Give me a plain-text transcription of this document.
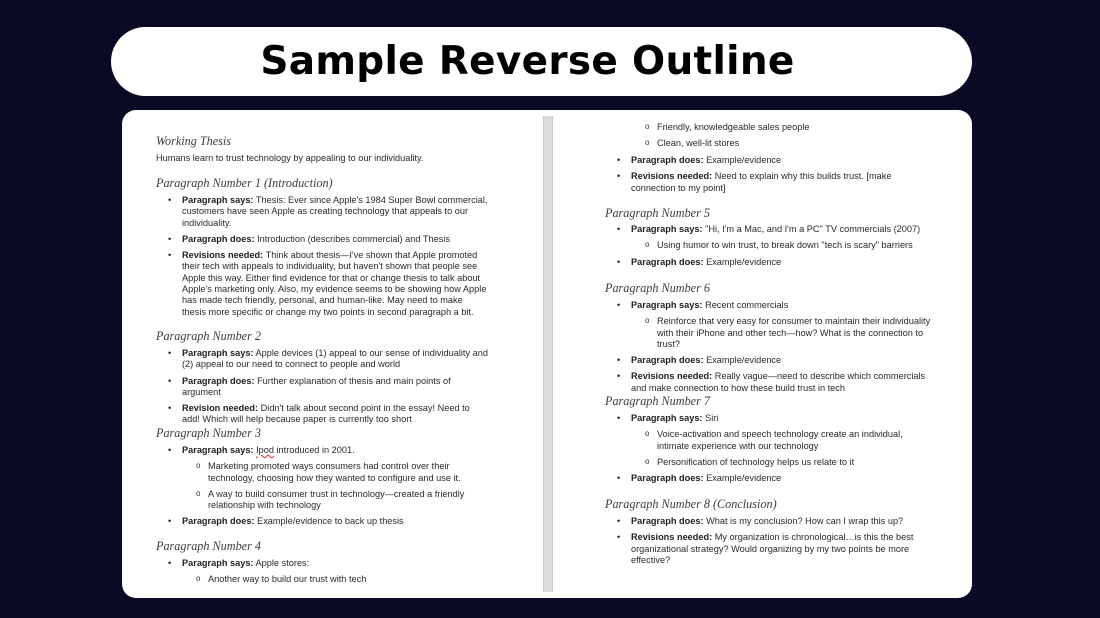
Sample Reverse Outline

Working Thesis

Humans learn to trust technology by appealing to our individuality.

Paragraph Number 1 (Introduction)

• Paragraph says: Thesis: Ever since Apple's 1984 Super Bowl commercial, customers have seen Apple as creating technology that appeals to our individuality.
• Paragraph does: Introduction (describes commercial) and Thesis
• Revisions needed: Think about thesis—I've shown that Apple promoted their tech with appeals to individuality, but haven't shown that people see Apple this way. Either find evidence for that or change thesis to talk about Apple's marketing only. Also, my evidence seems to be showing how Apple has made tech friendly, personal, and human-like. May need to make thesis more specific or change my two points in second paragraph a bit.

Paragraph Number 2

• Paragraph says: Apple devices (1) appeal to our sense of individuality and (2) appeal to our need to connect to people and world
• Paragraph does: Further explanation of thesis and main points of argument
• Revision needed: Didn't talk about second point in the essay! Need to add! Which will help because paper is currently too short

Paragraph Number 3

• Paragraph says: Ipod introduced in 2001.
o Marketing promoted ways consumers had control over their technology, choosing how they wanted to configure and use it.
o A way to build consumer trust in technology—created a friendly relationship with technology
• Paragraph does: Example/evidence to back up thesis

Paragraph Number 4

• Paragraph says: Apple stores:
o Another way to build our trust with tech
o Friendly, knowledgeable sales people
o Clean, well-lit stores
• Paragraph does: Example/evidence
• Revisions needed: Need to explain why this builds trust. [make connection to my point]

Paragraph Number 5

• Paragraph says: "Hi, I'm a Mac, and I'm a PC" TV commercials (2007)
o Using humor to win trust, to break down "tech is scary" barriers
• Paragraph does: Example/evidence

Paragraph Number 6

• Paragraph says: Recent commercials
o Reinforce that very easy for consumer to maintain their individuality with their iPhone and other tech—how? What is the connection to trust?
• Paragraph does: Example/evidence
• Revisions needed: Really vague—need to describe which commercials and make connection to how these build trust in tech

Paragraph Number 7

• Paragraph says: Siri
o Voice-activation and speech technology create an individual, intimate experience with our technology
o Personification of technology helps us relate to it
• Paragraph does: Example/evidence

Paragraph Number 8 (Conclusion)

• Paragraph does: What is my conclusion? How can I wrap this up?
• Revisions needed: My organization is chronological…is this the best organizational strategy? Would organizing by my two points be more effective?
